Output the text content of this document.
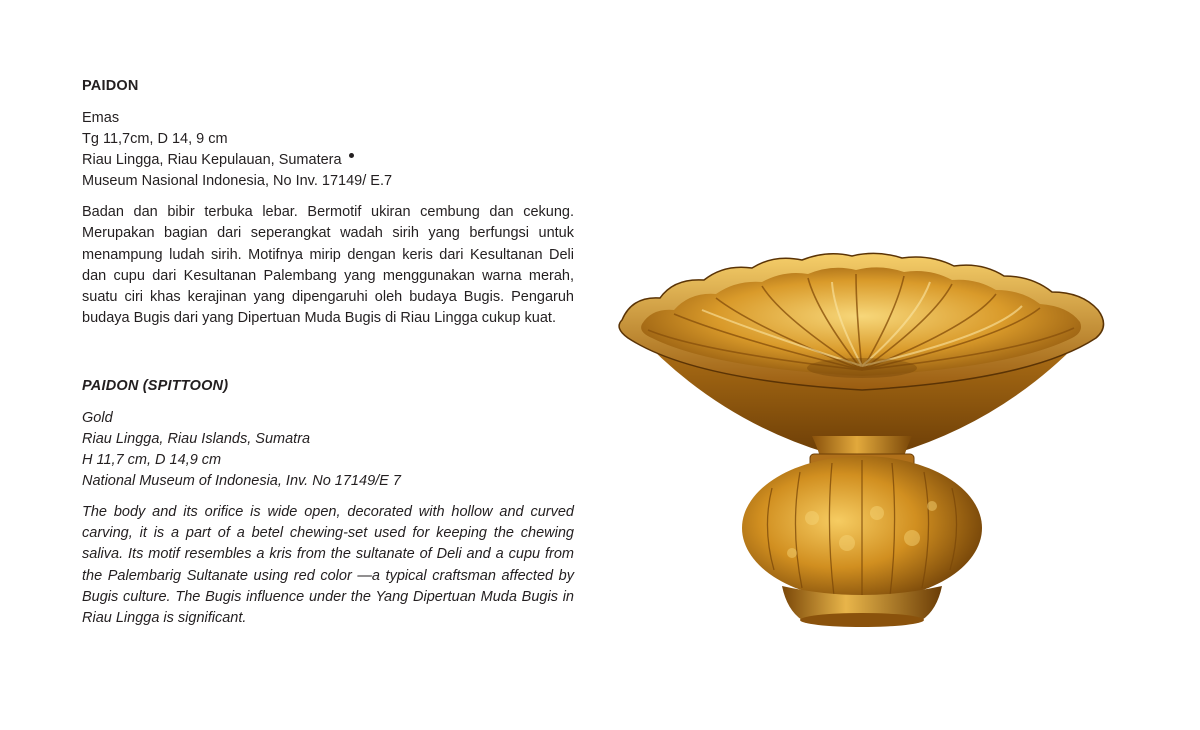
PAIDON
Emas
Tg 11,7cm, D 14, 9 cm
Riau Lingga, Riau Kepulauan, Sumatera
Museum Nasional Indonesia, No Inv. 17149/ E.7

Badan dan bibir terbuka lebar. Bermotif ukiran cembung dan cekung. Merupakan bagian dari seperangkat wadah sirih yang berfungsi untuk menampung ludah sirih. Motifnya mirip dengan keris dari Kesultanan Deli dan cupu dari Kesultanan Palembang yang menggunakan warna merah, suatu ciri khas kerajinan yang dipengaruhi oleh budaya Bugis. Pengaruh budaya Bugis dari yang Dipertuan Muda Bugis di Riau Lingga cukup kuat.

PAIDON (SPITTOON)
Gold
Riau Lingga, Riau Islands, Sumatra
H 11,7 cm, D 14,9 cm
National Museum of Indonesia, Inv. No 17149/E 7

The body and its orifice is wide open, decorated with hollow and curved carving, it is a part of a betel chewing-set used for keeping the chewing saliva. Its motif resembles a kris from the sultanate of Deli and a cupu from the Palembarig Sultanate using red color —a typical craftsman affected by Bugis culture. The Bugis influence under the Yang Dipertuan Muda Bugis in Riau Lingga is significant.
